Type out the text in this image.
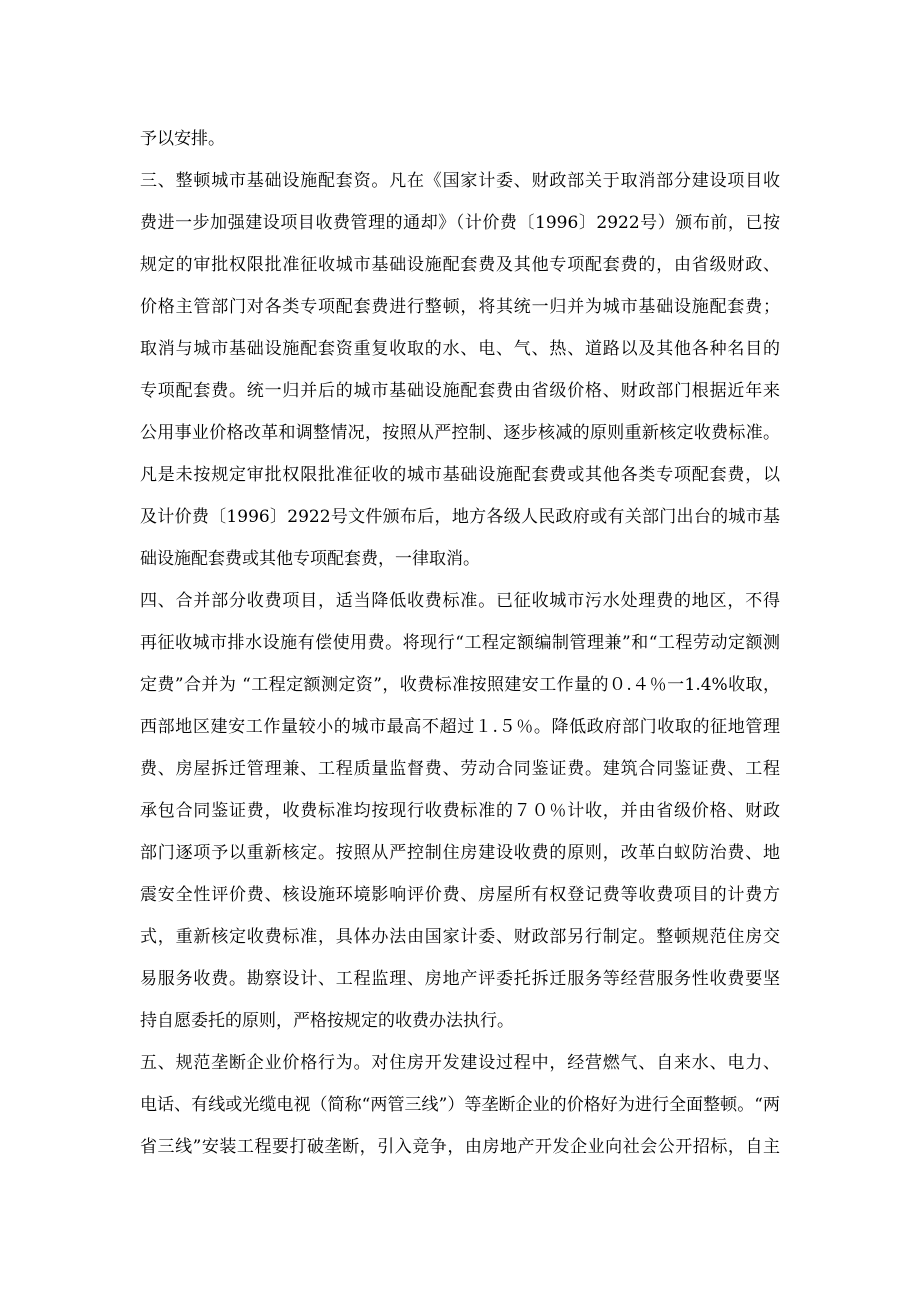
予以安排。
三、整顿城市基础设施配套资。凡在《国家计委、财政部关于取消部分建设项目收
费进一步加强建设项目收费管理的通却》（计价费〔1996〕2922号）颁布前，已按
规定的审批权限批准征收城市基础设施配套费及其他专项配套费的，由省级财政、
价格主管部门对各类专项配套费进行整顿，将其统一归并为城市基础设施配套费；
取消与城市基础设施配套资重复收取的水、电、气、热、道路以及其他各种名目的
专项配套费。统一归并后的城市基础设施配套费由省级价格、财政部门根据近年来
公用事业价格改革和调整情况，按照从严控制、逐步核减的原则重新核定收费标准。
凡是未按规定审批权限批准征收的城市基础设施配套费或其他各类专项配套费，以
及计价费〔1996〕2922号文件颁布后，地方各级人民政府或有关部门出台的城市基
础设施配套费或其他专项配套费，一律取消。
四、合并部分收费项目，适当降低收费标准。已征收城市污水处理费的地区，不得
再征收城市排水设施有偿使用费。将现行“工程定额编制管理兼”和“工程劳动定额测
定费”合并为 “工程定额测定资”，收费标准按照建安工作量的０.４％一1.4%收取，
西部地区建安工作量较小的城市最高不超过１.５％。降低政府部门收取的征地管理
费、房屋拆迁管理兼、工程质量监督费、劳动合同鉴证费。建筑合同鉴证费、工程
承包合同鉴证费，收费标准均按现行收费标准的７０％计收，并由省级价格、财政
部门逐项予以重新核定。按照从严控制住房建设收费的原则，改革白蚁防治费、地
震安全性评价费、核设施环境影响评价费、房屋所有权登记费等收费项目的计费方
式，重新核定收费标准，具体办法由国家计委、财政部另行制定。整顿规范住房交
易服务收费。勘察设计、工程监理、房地产评委托拆迁服务等经营服务性收费要坚
持自愿委托的原则，严格按规定的收费办法执行。
五、规范垄断企业价格行为。对住房开发建设过程中，经营燃气、自来水、电力、
电话、有线或光缆电视（简称“两管三线”）等垄断企业的价格好为进行全面整顿。“两
省三线”安装工程要打破垄断，引入竞争，由房地产开发企业向社会公开招标，自主
